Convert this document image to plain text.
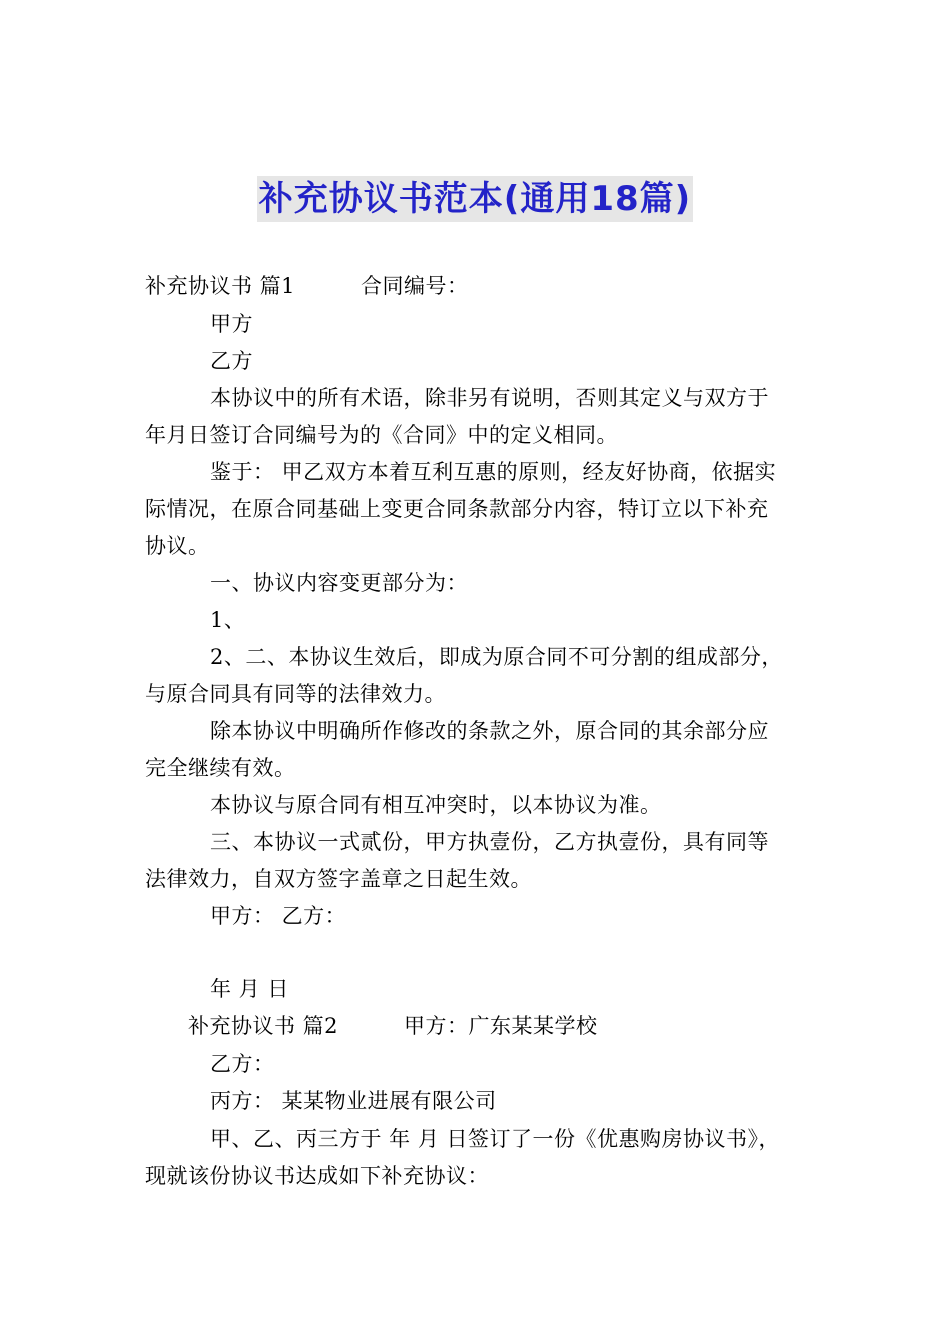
补充协议书范本(通用18篇)
补充协议书 篇1	合同编号：
甲方
乙方
本协议中的所有术语，除非另有说明，否则其定义与双方于
年月日签订合同编号为的《合同》中的定义相同。
鉴于： 甲乙双方本着互利互惠的原则，经友好协商，依据实
际情况，在原合同基础上变更合同条款部分内容，特订立以下补充
协议。
一、协议内容变更部分为：
1、
2、二、本协议生效后，即成为原合同不可分割的组成部分，
与原合同具有同等的法律效力。
除本协议中明确所作修改的条款之外，原合同的其余部分应
完全继续有效。
本协议与原合同有相互冲突时，以本协议为准。
三、本协议一式贰份，甲方执壹份，乙方执壹份，具有同等
法律效力，自双方签字盖章之日起生效。
甲方： 乙方：
年 月 日
补充协议书 篇2	甲方：广东某某学校
乙方：
丙方： 某某物业进展有限公司
甲、乙、丙三方于 年 月 日签订了一份《优惠购房协议书》，
现就该份协议书达成如下补充协议：
